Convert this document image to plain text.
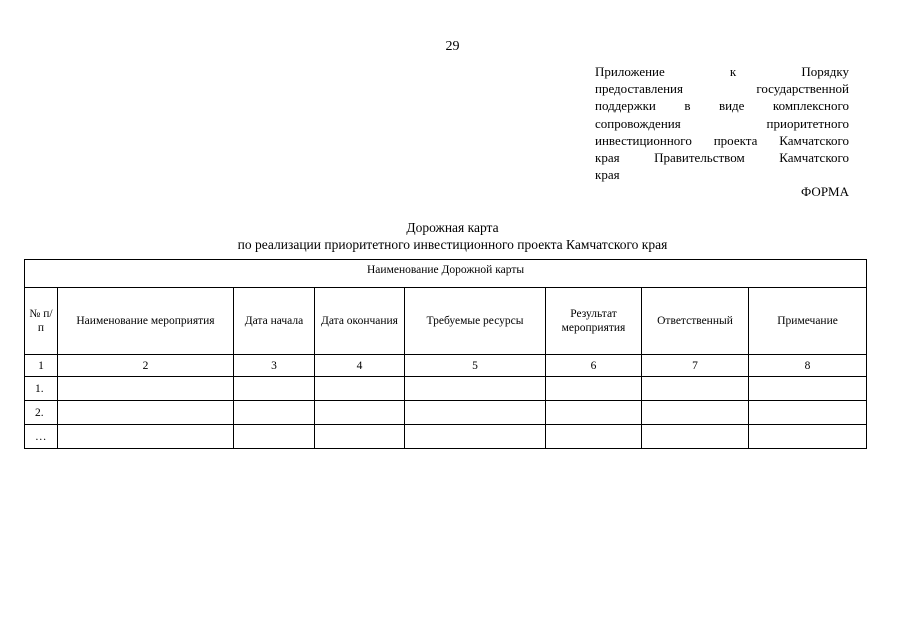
29
Приложение	к	Порядку
предоставления	государственной
поддержки в виде комплексного
сопровождения	приоритетного
инвестиционного проекта Камчатского
края	Правительством	Камчатского
края
ФОРМА
Дорожная карта
по реализации приоритетного инвестиционного проекта Камчатского края
Наименование Дорожной карты							
№ п/п	Наименование мероприятия	Дата начала	Дата окончания	Требуемые ресурсы	Результат мероприятия	Ответственный	Примечание
1	2	3	4	5	6	7	8
1.							
2.							
…							
